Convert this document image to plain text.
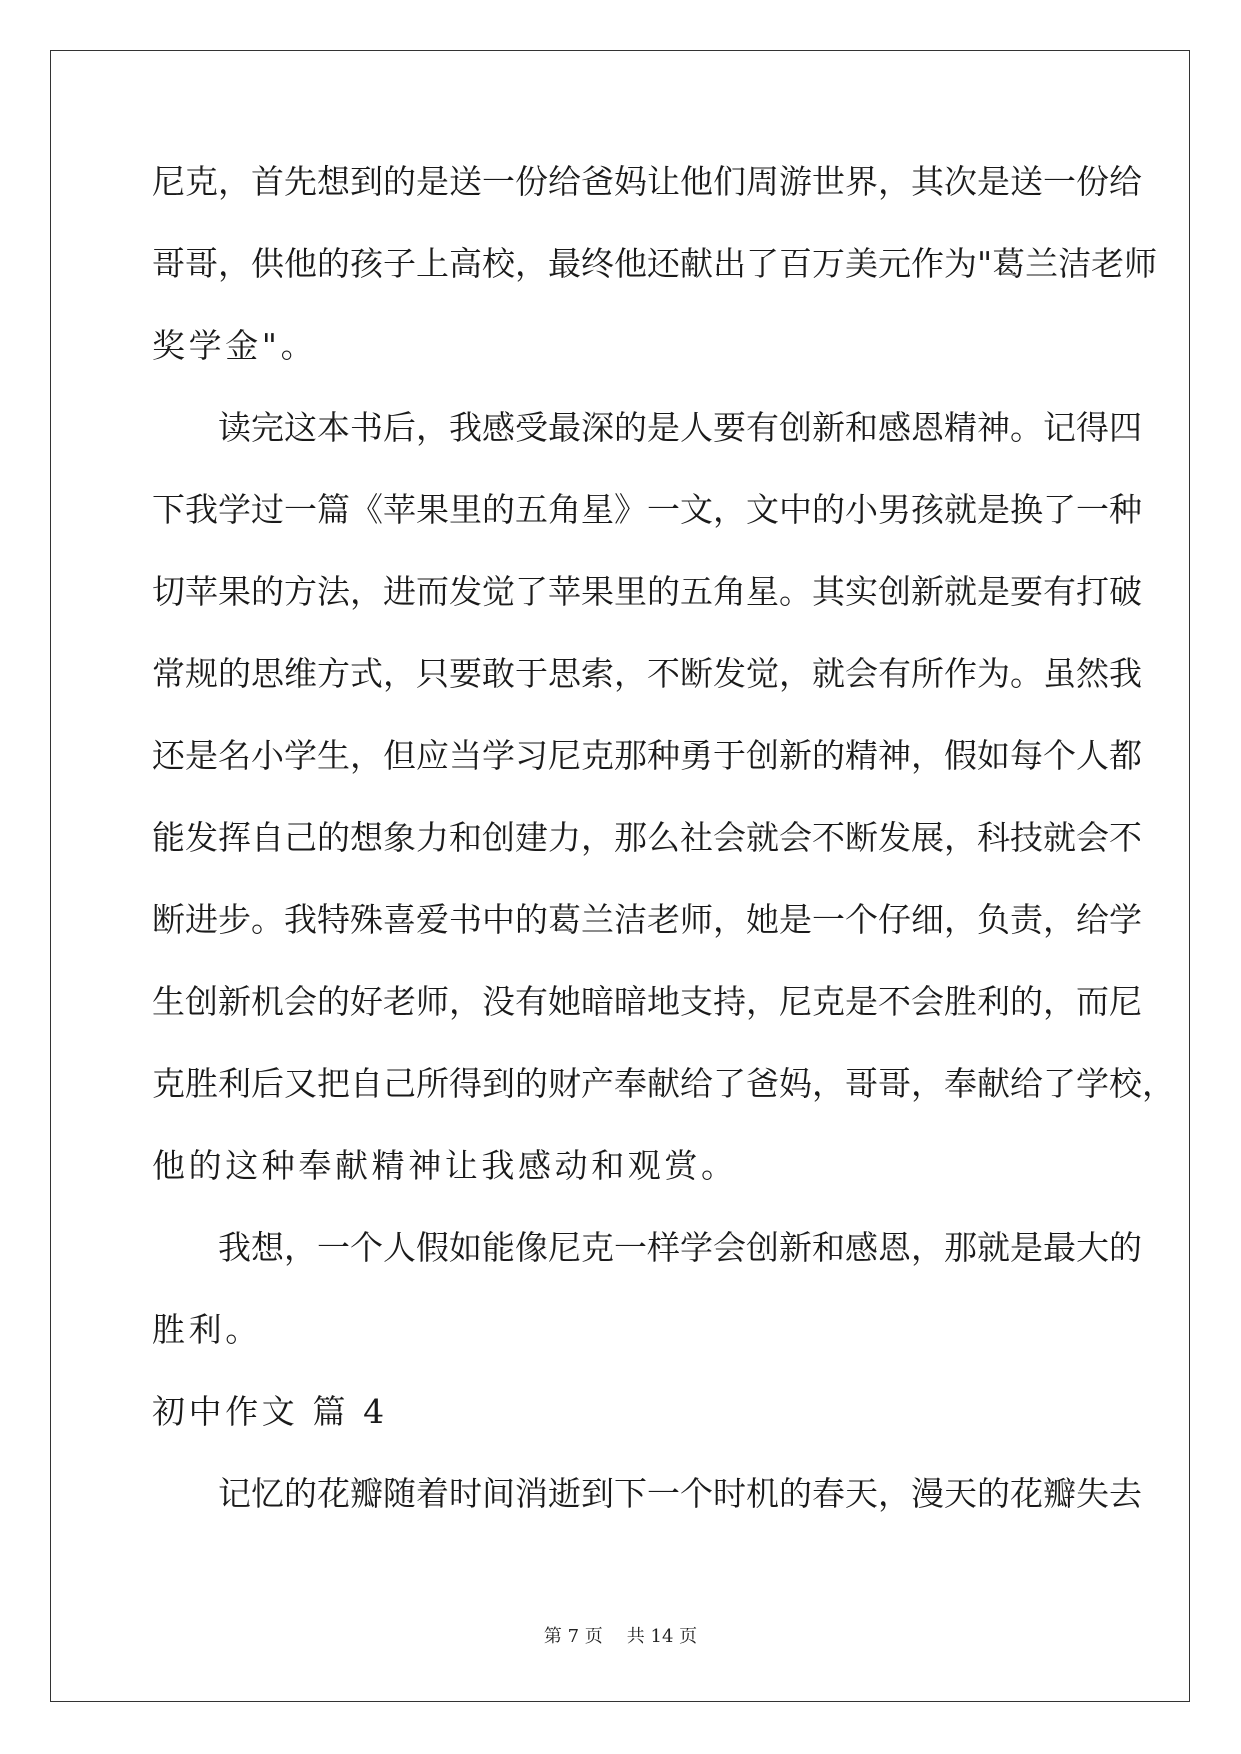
尼克，首先想到的是送一份给爸妈让他们周游世界，其次是送一份给
哥哥，供他的孩子上高校，最终他还献出了百万美元作为"葛兰洁老师
奖学金"。
读完这本书后，我感受最深的是人要有创新和感恩精神。记得四
下我学过一篇《苹果里的五角星》一文，文中的小男孩就是换了一种
切苹果的方法，进而发觉了苹果里的五角星。其实创新就是要有打破
常规的思维方式，只要敢于思索，不断发觉，就会有所作为。虽然我
还是名小学生，但应当学习尼克那种勇于创新的精神，假如每个人都
能发挥自己的想象力和创建力，那么社会就会不断发展，科技就会不
断进步。我特殊喜爱书中的葛兰洁老师，她是一个仔细，负责，给学
生创新机会的好老师，没有她暗暗地支持，尼克是不会胜利的，而尼
克胜利后又把自己所得到的财产奉献给了爸妈，哥哥，奉献给了学校，
他的这种奉献精神让我感动和观赏。
我想，一个人假如能像尼克一样学会创新和感恩，那就是最大的
胜利。
初中作文 篇 4
记忆的花瓣随着时间消逝到下一个时机的春天，漫天的花瓣失去
第 7 页 共 14 页
